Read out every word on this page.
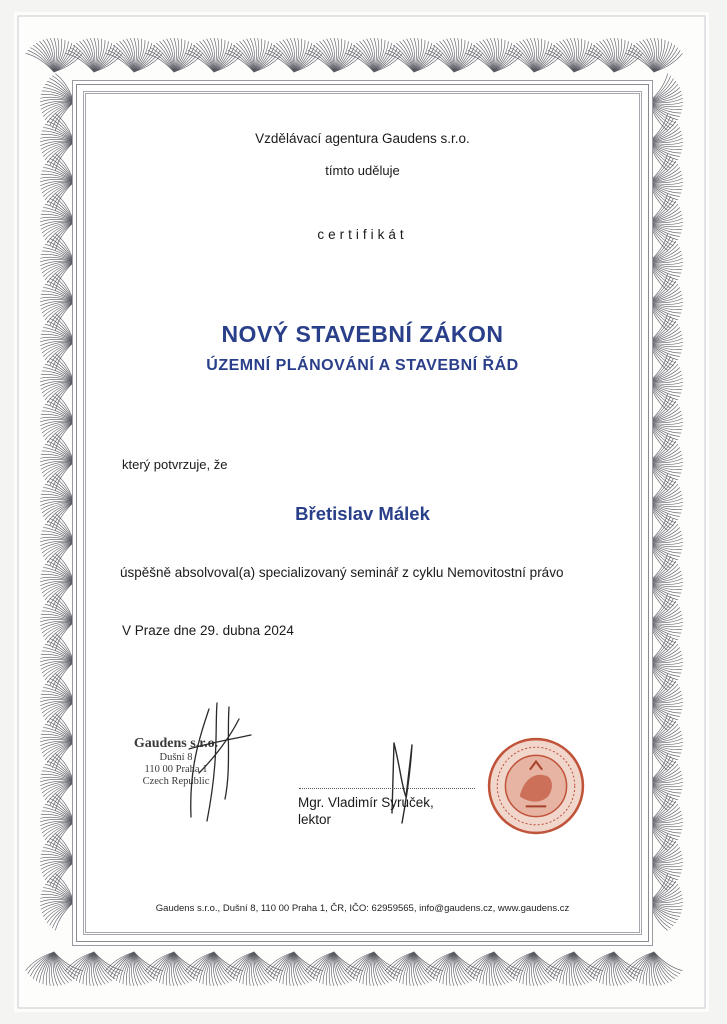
Vzdělávací agentura Gaudens s.r.o.
tímto uděluje
certifikát
NOVÝ STAVEBNÍ ZÁKON
ÚZEMNÍ PLÁNOVÁNÍ A STAVEBNÍ ŘÁD
který potvrzuje, že
Břetislav Málek
úspěšně absolvoval(a) specializovaný seminář z cyklu Nemovitostní právo
V Praze dne 29. dubna 2024
Gaudens s.r.o.
Dušní 8
110 00 Praha 1
Czech Republic
Mgr. Vladimír Syruček,
lektor
Gaudens s.r.o., Dušní 8, 110 00 Praha 1, ČR, IČO: 62959565, info@gaudens.cz, www.gaudens.cz
